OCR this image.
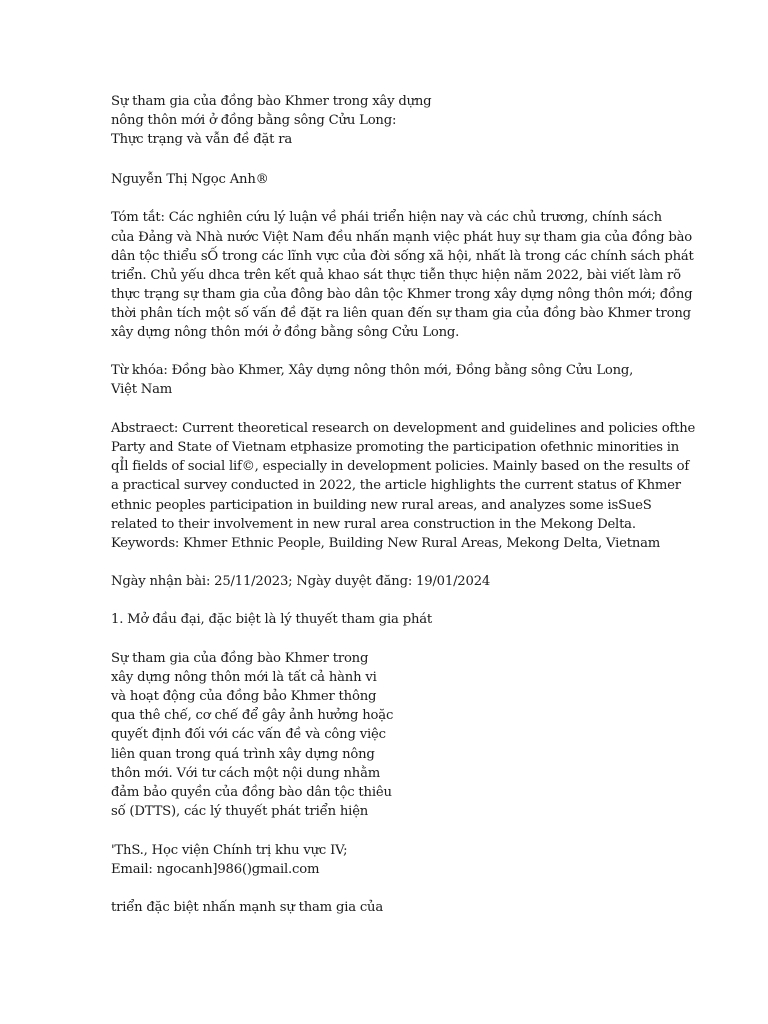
Sự tham gia của đồng bào Khmer trong xây dựng
nông thôn mới ở đồng bằng sông Cửu Long:
Thực trạng và vẫn đề đặt ra
Nguyễn Thị Ngọc Anh®
Tóm tắt: Các nghiên cứu lý luận về phái triển hiện nay và các chủ trương, chính sách
của Đảng và Nhà nước Việt Nam đều nhấn mạnh việc phát huy sự tham gia của đồng bào
dân tộc thiểu sỐ trong các lĩnh vực của đời sống xã hội, nhất là trong các chính sách phát
triển. Chủ yếu dhca trên kết quả khao sát thực tiễn thực hiện năm 2022, bài viết làm rõ
thực trạng sự tham gia của đông bào dân tộc Khmer trong xây dựng nông thôn mới; đồng
thời phân tích một số vấn đề đặt ra liên quan đến sự tham gia của đồng bào Khmer trong
xây dựng nông thôn mới ở đồng bằng sông Cửu Long.
Từ khóa: Đồng bào Khmer, Xây dựng nông thôn mới, Đồng bằng sông Cửu Long,
Việt Nam
Abstraect: Current theoretical research on development and guidelines and policies ofthe
Party and State of Vietnam etphasize promoting the participation ofethnic minorities in
qỈl fields of social lif©, especially in development policies. Mainly based on the results of
a practical survey conducted in 2022, the article highlights the current status of Khmer
ethnic peoples participation in building new rural areas, and analyzes some isSueS
related to their involvement in new rural area construction in the Mekong Delta.
Keywords: Khmer Ethnic People, Building New Rural Areas, Mekong Delta, Vietnam
Ngày nhận bài: 25/11/2023; Ngày duyệt đăng: 19/01/2024
1. Mở đầu đại, đặc biệt là lý thuyết tham gia phát
Sự tham gia của đồng bào Khmer trong
xây dựng nông thôn mới là tất cả hành vi
và hoạt động của đồng bảo Khmer thông
qua thê chế, cơ chế để gây ảnh hưởng hoặc
quyết định đối với các vấn đề và công việc
liên quan trong quá trình xây dựng nông
thôn mới. Với tư cách một nội dung nhằm
đảm bảo quyền của đồng bào dân tộc thiêu
số (DTTS), các lý thuyết phát triển hiện
'ThS., Học viện Chính trị khu vực IV;
Email: ngocanh]986()gmail.com
triển đặc biệt nhấn mạnh sự tham gia của
